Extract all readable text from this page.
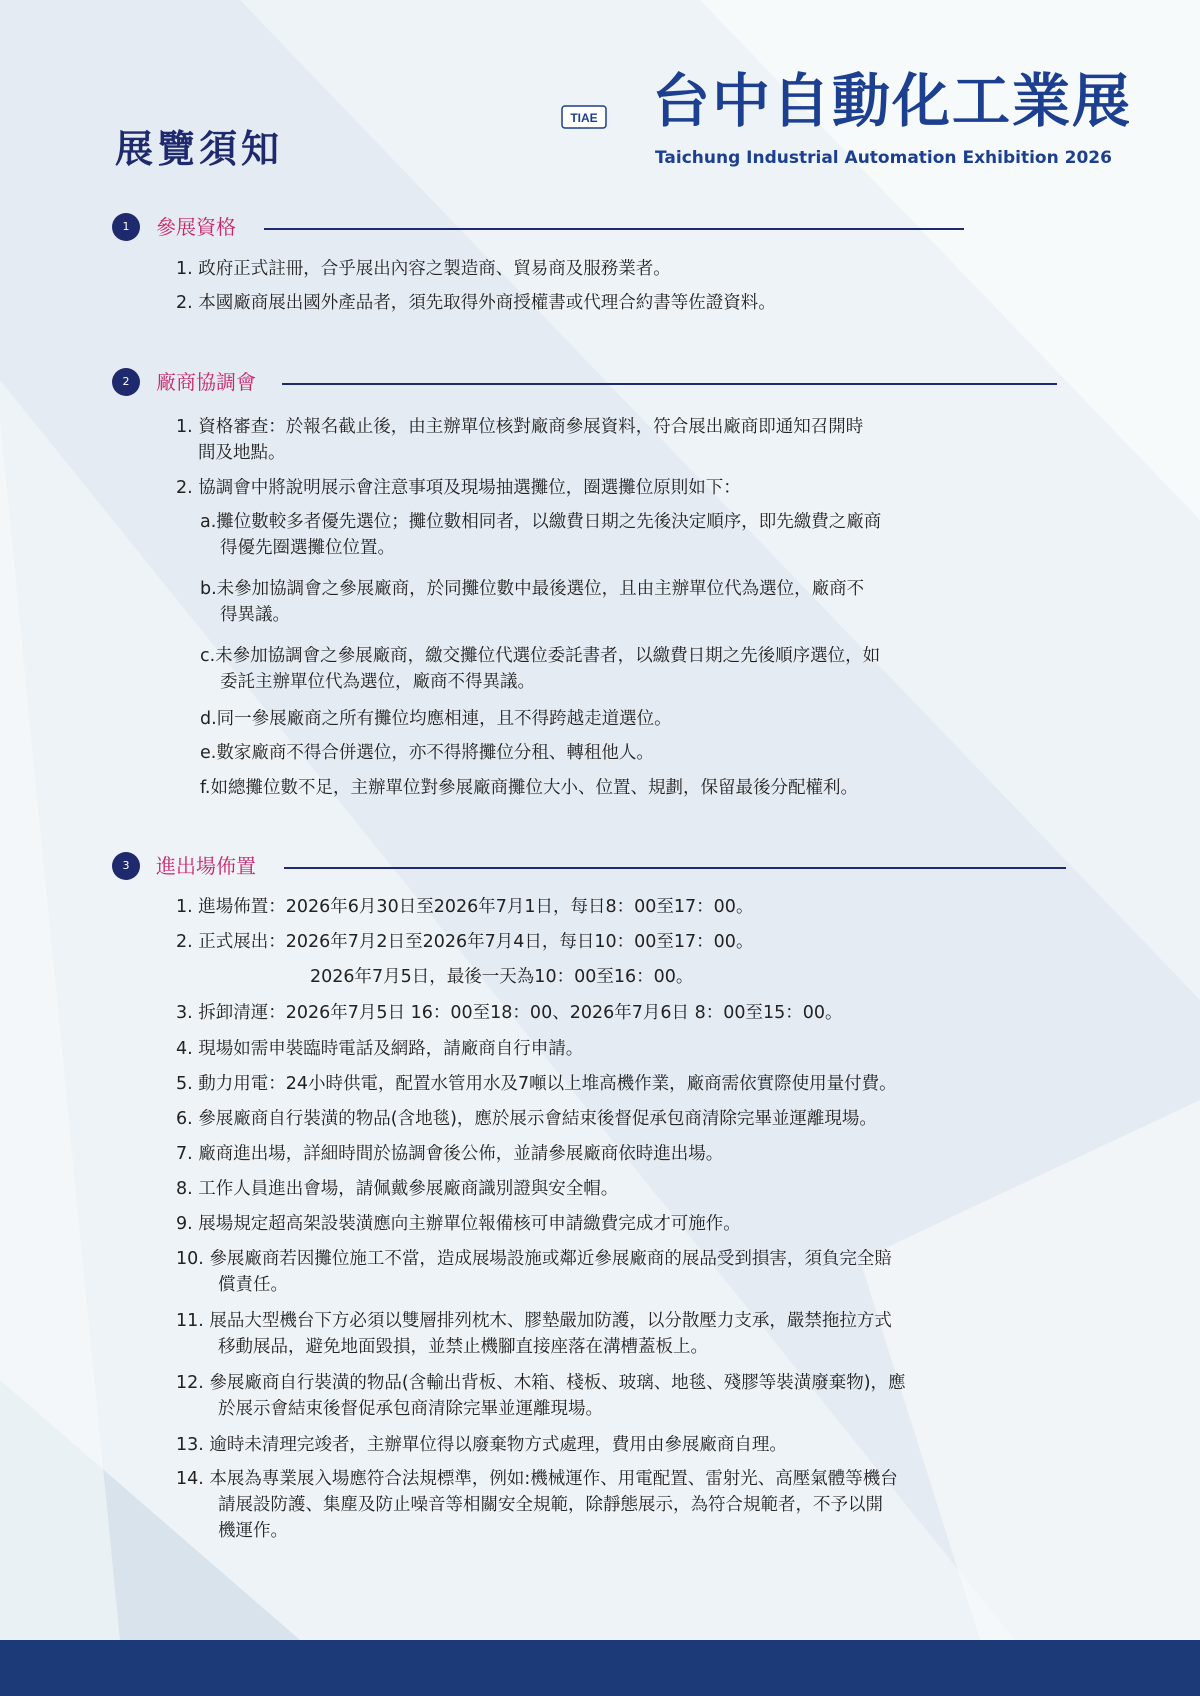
展覽須知
TIAE 台中自動化工業展
Taichung Industrial Automation Exhibition 2026
1	參展資格
1. 政府正式註冊，合乎展出內容之製造商、貿易商及服務業者。
2. 本國廠商展出國外產品者，須先取得外商授權書或代理合約書等佐證資料。
2	廠商協調會
1. 資格審查：於報名截止後，由主辦單位核對廠商參展資料，符合展出廠商即通知召開時
間及地點。
2. 協調會中將說明展示會注意事項及現場抽選攤位，圈選攤位原則如下：
a.攤位數較多者優先選位；攤位數相同者，以繳費日期之先後決定順序，即先繳費之廠商
得優先圈選攤位位置。
b.未參加協調會之參展廠商，於同攤位數中最後選位，且由主辦單位代為選位，廠商不
得異議。
c.未參加協調會之參展廠商，繳交攤位代選位委託書者，以繳費日期之先後順序選位，如
委託主辦單位代為選位，廠商不得異議。
d.同一參展廠商之所有攤位均應相連，且不得跨越走道選位。
e.數家廠商不得合併選位，亦不得將攤位分租、轉租他人。
f.如總攤位數不足，主辦單位對參展廠商攤位大小、位置、規劃，保留最後分配權利。
3	進出場佈置
1. 進場佈置：2026年6月30日至2026年7月1日，每日8：00至17：00。
2. 正式展出：2026年7月2日至2026年7月4日，每日10：00至17：00。
2026年7月5日，最後一天為10：00至16：00。
3. 拆卸清運：2026年7月5日 16：00至18：00、2026年7月6日 8：00至15：00。
4. 現場如需申裝臨時電話及網路，請廠商自行申請。
5. 動力用電：24小時供電，配置水管用水及7噸以上堆高機作業，廠商需依實際使用量付費。
6. 參展廠商自行裝潢的物品(含地毯)，應於展示會結束後督促承包商清除完畢並運離現場。
7. 廠商進出場，詳細時間於協調會後公佈，並請參展廠商依時進出場。
8. 工作人員進出會場，請佩戴參展廠商識別證與安全帽。
9. 展場規定超高架設裝潢應向主辦單位報備核可申請繳費完成才可施作。
10. 參展廠商若因攤位施工不當，造成展場設施或鄰近參展廠商的展品受到損害，須負完全賠
償責任。
11. 展品大型機台下方必須以雙層排列枕木、膠墊嚴加防護，以分散壓力支承，嚴禁拖拉方式
移動展品，避免地面毀損，並禁止機腳直接座落在溝槽蓋板上。
12. 參展廠商自行裝潢的物品(含輸出背板、木箱、棧板、玻璃、地毯、殘膠等裝潢廢棄物)，應
於展示會結束後督促承包商清除完畢並運離現場。
13. 逾時未清理完竣者，主辦單位得以廢棄物方式處理，費用由參展廠商自理。
14. 本展為專業展入場應符合法規標準，例如:機械運作、用電配置、雷射光、高壓氣體等機台
請展設防護、集塵及防止噪音等相關安全規範，除靜態展示，為符合規範者，不予以開
機運作。
